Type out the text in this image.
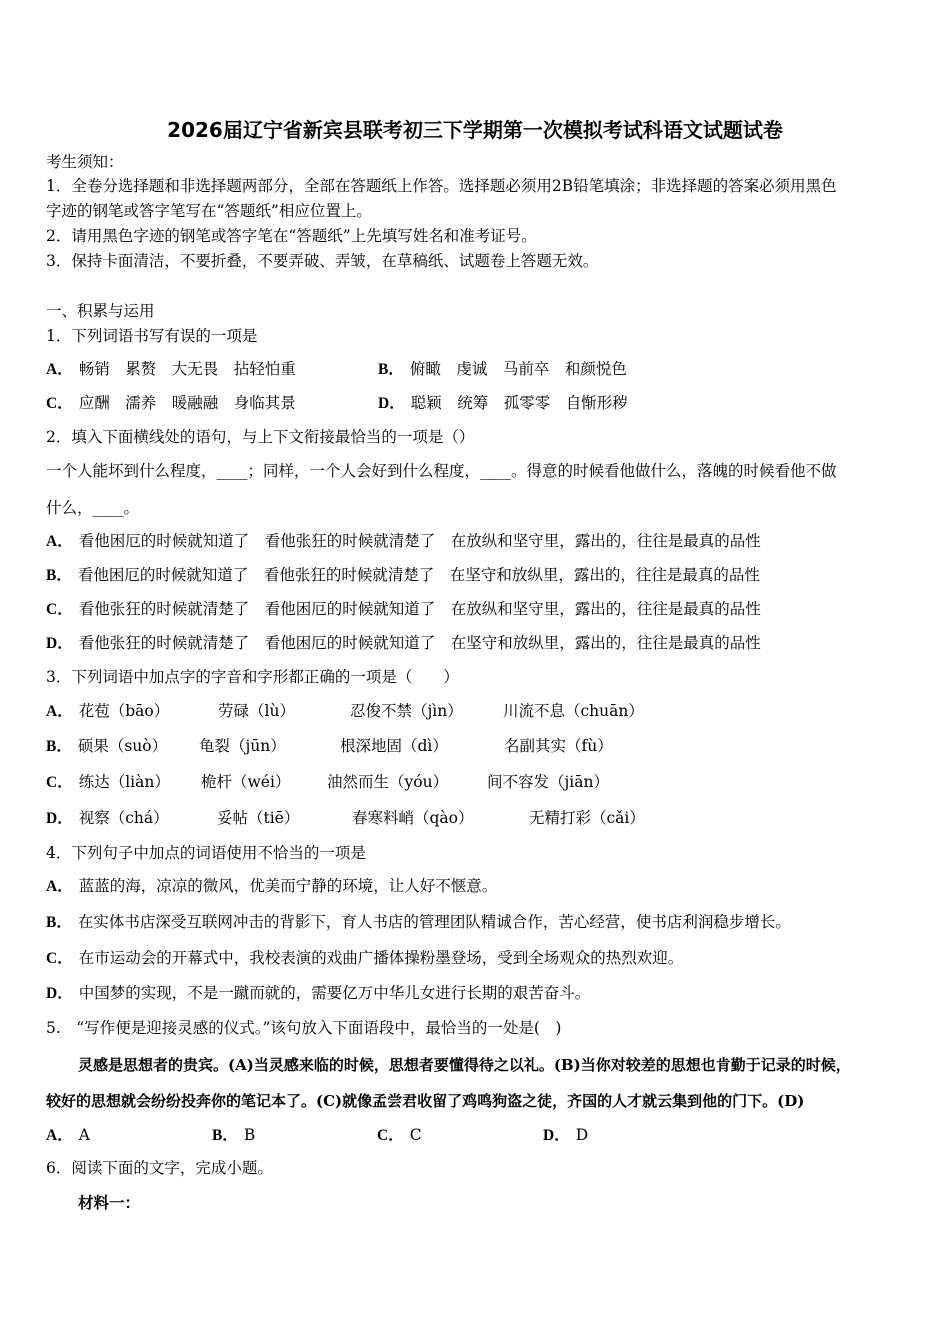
2026届辽宁省新宾县联考初三下学期第一次模拟考试科语文试题试卷
考生须知：
1．全卷分选择题和非选择题两部分，全部在答题纸上作答。选择题必须用2B铅笔填涂；非选择题的答案必须用黑色
字迹的钢笔或答字笔写在“答题纸”相应位置上。
2．请用黑色字迹的钢笔或答字笔在“答题纸”上先填写姓名和准考证号。
3．保持卡面清洁，不要折叠，不要弄破、弄皱，在草稿纸、试题卷上答题无效。
一、积累与运用
1．下列词语书写有误的一项是
A． 畅销　累赘　大无畏　拈轻怕重	B． 俯瞰　虔诚　马前卒　和颜悦色
C． 应酬　濡养　暖融融　身临其景	D． 聪颖　统筹　孤零零　自惭形秽
2．填入下面横线处的语句，与上下文衔接最恰当的一项是（）
一个人能坏到什么程度，____；同样，一个人会好到什么程度，____。得意的时候看他做什么，落魄的时候看他不做
什么，____。
A． 看他困厄的时候就知道了　看他张狂的时候就清楚了　在放纵和坚守里，露出的，往往是最真的品性
B． 看他困厄的时候就知道了　看他张狂的时候就清楚了　在坚守和放纵里，露出的，往往是最真的品性
C． 看他张狂的时候就清楚了　看他困厄的时候就知道了　在放纵和坚守里，露出的，往往是最真的品性
D． 看他张狂的时候就清楚了　看他困厄的时候就知道了　在坚守和放纵里，露出的，往往是最真的品性
3．下列词语中加点字的字音和字形都正确的一项是（　　）
A． 花苞（bāo）	劳碌（lù）	忍俊不禁（jìn）	川流不息（chuān）
B． 硕果（suò） 龟裂（jūn）	根深地固（dì）	名副其实（fù）
C． 练达（liàn） 桅杆（wéi） 油然而生（yóu）	间不容发（jiān）
D． 视察（chá）	妥帖（tiē）	春寒料峭（qào）	无精打彩（cǎi）
4．下列句子中加点的词语使用不恰当的一项是
A． 蓝蓝的海，凉凉的微风，优美而宁静的环境，让人好不惬意。
B． 在实体书店深受互联网冲击的背影下，育人书店的管理团队精诚合作，苦心经营，使书店利润稳步增长。
C． 在市运动会的开幕式中，我校表演的戏曲广播体操粉墨登场，受到全场观众的热烈欢迎。
D． 中国梦的实现，不是一蹴而就的，需要亿万中华儿女进行长期的艰苦奋斗。
5.　“写作便是迎接灵感的仪式。”该句放入下面语段中，最恰当的一处是(　)
灵感是思想者的贵宾。(A)当灵感来临的时候，思想者要懂得待之以礼。(B)当你对较差的思想也肯勤于记录的时候，
较好的思想就会纷纷投奔你的笔记本了。(C)就像孟尝君收留了鸡鸣狗盗之徒，齐国的人才就云集到他的门下。(D)
A． A	B． B	C． C	D． D
6．阅读下面的文字，完成小题。
材料一：
